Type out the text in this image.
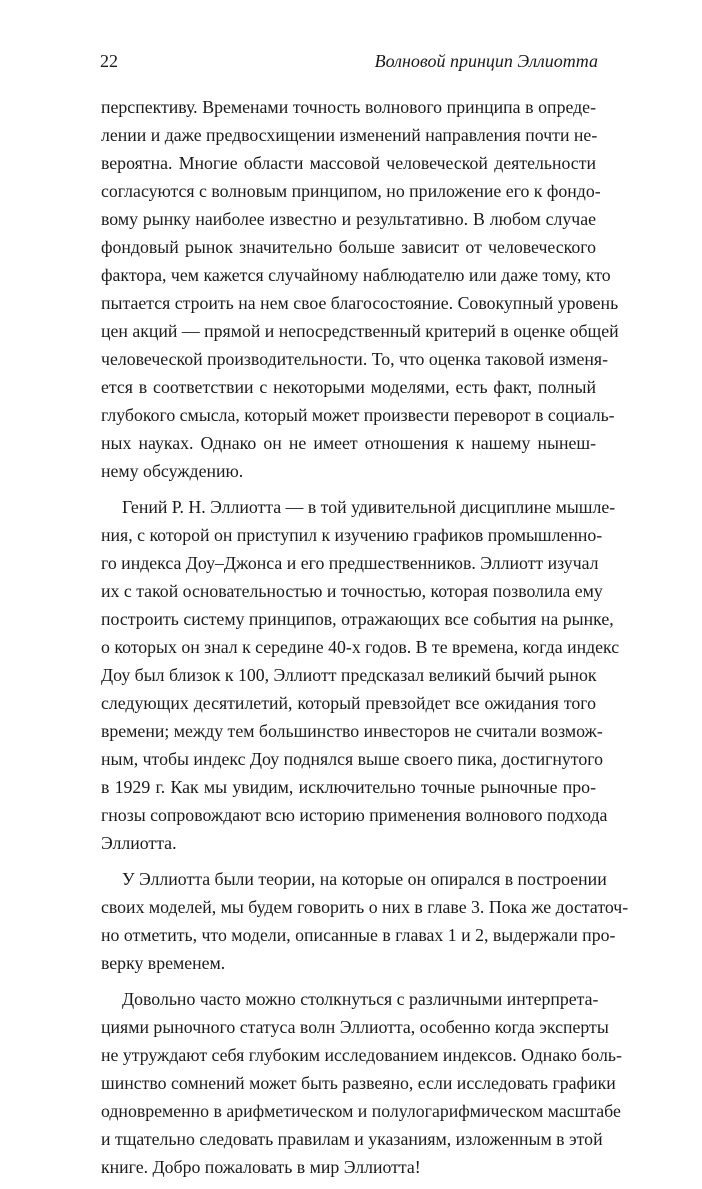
22	Волновой принцип Эллиотта
перспективу. Временами точность волнового принципа в опреде-
лении и даже предвосхищении изменений направления почти не-
вероятна. Многие области массовой человеческой деятельности
согласуются с волновым принципом, но приложение его к фондо-
вому рынку наиболее известно и результативно. В любом случае
фондовый рынок значительно больше зависит от человеческого
фактора, чем кажется случайному наблюдателю или даже тому, кто
пытается строить на нем свое благосостояние. Совокупный уровень
цен акций — прямой и непосредственный критерий в оценке общей
человеческой производительности. То, что оценка таковой изменя-
ется в соответствии с некоторыми моделями, есть факт, полный
глубокого смысла, который может произвести переворот в социаль-
ных науках. Однако он не имеет отношения к нашему нынеш-
нему обсуждению.
Гений Р. Н. Эллиотта — в той удивительной дисциплине мышле-
ния, с которой он приступил к изучению графиков промышленно-
го индекса Доу–Джонса и его предшественников. Эллиотт изучал
их с такой основательностью и точностью, которая позволила ему
построить систему принципов, отражающих все события на рынке,
о которых он знал к середине 40-х годов. В те времена, когда индекс
Доу был близок к 100, Эллиотт предсказал великий бычий рынок
следующих десятилетий, который превзойдет все ожидания того
времени; между тем большинство инвесторов не считали возмож-
ным, чтобы индекс Доу поднялся выше своего пика, достигнутого
в 1929 г. Как мы увидим, исключительно точные рыночные про-
гнозы сопровождают всю историю применения волнового подхода
Эллиотта.
У Эллиотта были теории, на которые он опирался в построении
своих моделей, мы будем говорить о них в главе 3. Пока же достаточ-
но отметить, что модели, описанные в главах 1 и 2, выдержали про-
верку временем.
Довольно часто можно столкнуться с различными интерпрета-
циями рыночного статуса волн Эллиотта, особенно когда эксперты
не утруждают себя глубоким исследованием индексов. Однако боль-
шинство сомнений может быть развеяно, если исследовать графики
одновременно в арифметическом и полулогарифмическом масштабе
и тщательно следовать правилам и указаниям, изложенным в этой
книге. Добро пожаловать в мир Эллиотта!
